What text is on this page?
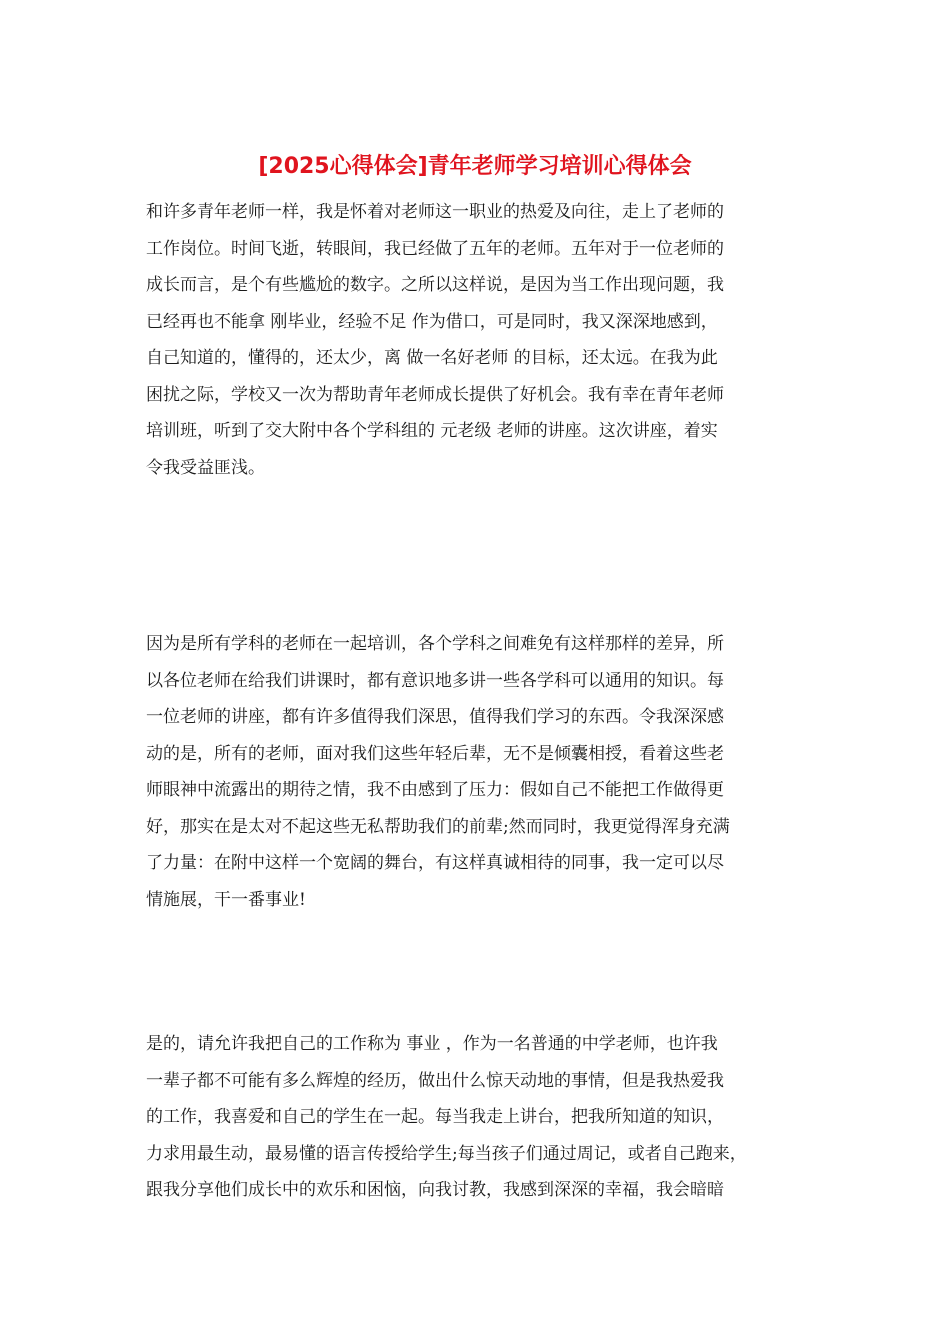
[2025心得体会]青年老师学习培训心得体会
和许多青年老师一样，我是怀着对老师这一职业的热爱及向往，走上了老师的
工作岗位。时间飞逝，转眼间，我已经做了五年的老师。五年对于一位老师的
成长而言，是个有些尴尬的数字。之所以这样说，是因为当工作出现问题，我
已经再也不能拿 刚毕业，经验不足 作为借口，可是同时，我又深深地感到，
自己知道的，懂得的，还太少，离 做一名好老师 的目标，还太远。在我为此
困扰之际，学校又一次为帮助青年老师成长提供了好机会。我有幸在青年老师
培训班，听到了交大附中各个学科组的 元老级 老师的讲座。这次讲座，着实
令我受益匪浅。
因为是所有学科的老师在一起培训，各个学科之间难免有这样那样的差异，所
以各位老师在给我们讲课时，都有意识地多讲一些各学科可以通用的知识。每
一位老师的讲座，都有许多值得我们深思，值得我们学习的东西。令我深深感
动的是，所有的老师，面对我们这些年轻后辈，无不是倾囊相授，看着这些老
师眼神中流露出的期待之情，我不由感到了压力：假如自己不能把工作做得更
好，那实在是太对不起这些无私帮助我们的前辈;然而同时，我更觉得浑身充满
了力量：在附中这样一个宽阔的舞台，有这样真诚相待的同事，我一定可以尽
情施展，干一番事业!
是的，请允许我把自己的工作称为 事业 ，作为一名普通的中学老师，也许我
一辈子都不可能有多么辉煌的经历，做出什么惊天动地的事情，但是我热爱我
的工作，我喜爱和自己的学生在一起。每当我走上讲台，把我所知道的知识，
力求用最生动，最易懂的语言传授给学生;每当孩子们通过周记，或者自己跑来，
跟我分享他们成长中的欢乐和困恼，向我讨教，我感到深深的幸福，我会暗暗
